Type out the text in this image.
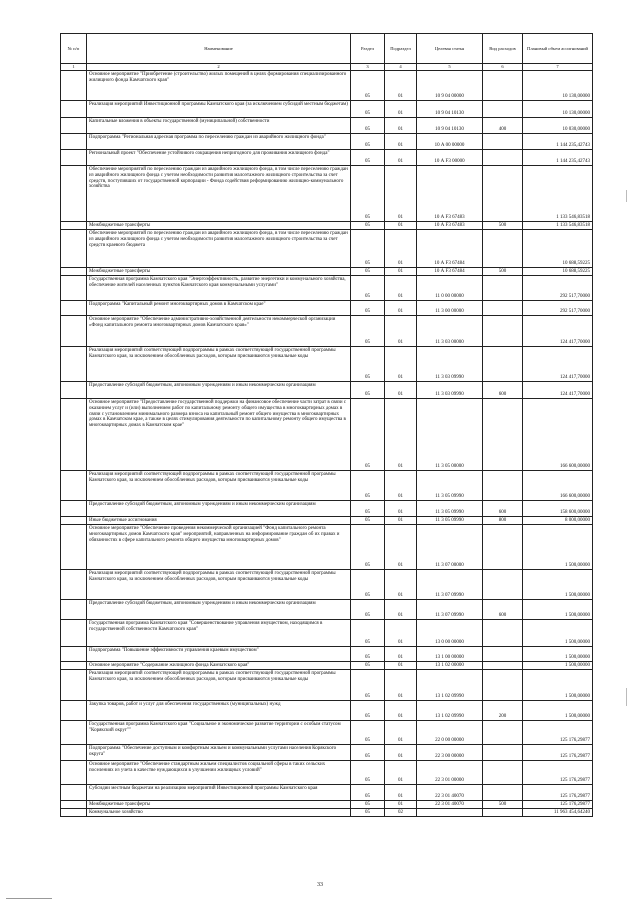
№ п/п	Наименование	Раздел	Подраздел	Целевая статья	Вид расходов	Плановый объем ассигнований
1	2	3	4	5	6	7
	Основное мероприятие "Приобретение (строительство) жилых помещений в целях формирования специализированного жилищного фонда Камчатского края"	05	01	10 9 04 00000		10 130,00000
	Реализация мероприятий Инвестиционной программы Камчатского края (за исключением субсидий местным бюджетам)	05	01	10 9 04 10130		10 130,00000
	Капитальные вложения в объекты государственной (муниципальной) собственности	05	01	10 9 04 10130	400	10 030,00000
	Подпрограмма "Региональная адресная программа по переселению граждан из аварийного жилищного фонда"	05	01	10 А 00 00000		1 144 235,42743
	Региональный проект "Обеспечение устойчивого сокращения непригодного для проживания жилищного фонда"	05	01	10 А F3 00000		1 144 235,42743
	Обеспечение мероприятий по переселению граждан из аварийного жилищного фонда, в том числе переселению граждан из аварийного жилищного фонда с учетом необходимости развития малоэтажного жилищного строительства за счет средств, поступивших от государственной корпорации - Фонда содействия реформированию жилищно-коммунального хозяйства	05	01	10 А F3 67483		1 133 546,83518
	Межбюджетные трансферты	05	01	10 А F3 67483	500	1 133 546,83518
	Обеспечение мероприятий по переселению граждан из аварийного жилищного фонда, в том числе переселению граждан из аварийного жилищного фонда с учетом необходимости развития малоэтажного жилищного строительства за счет средств краевого бюджета	05	01	10 А F3 67484		10 688,59225
	Межбюджетные трансферты	05	01	10 А F3 67484	500	10 688,59225
	Государственная программа Камчатского края "Энергоэффективность, развитие энергетики и коммунального хозяйства, обеспечение жителей населенных пунктов Камчатского края коммунальными услугами"	05	01	11 0 00 00000		292 517,70000
	Подпрограмма "Капитальный ремонт многоквартирных домов в Камчатском крае"	05	01	11 3 00 00000		292 517,70000
	Основное мероприятие "Обеспечение административно-хозяйственной деятельности некоммерческой организации «Фонд капитального ремонта многоквартирных домов Камчатского края»"	05	01	11 3 03 00000		124 417,70000
	Реализация мероприятий соответствующей подпрограммы в рамках соответствующей государственной программы Камчатского края, за исключением обособленных расходов, которым присваиваются уникальные коды	05	01	11 3 03 09990		124 417,70000
	Предоставление субсидий бюджетным, автономным учреждениям и иным некоммерческим организациям	05	01	11 3 03 09990	600	124 417,70000
	Основное мероприятие "Предоставление государственной поддержки на финансовое обеспечение части затрат в связи с оказанием услуг и (или) выполнением работ по капитальному ремонту общего имущества в многоквартирных домах в связи с установлением минимального размера взноса на капитальный ремонт общего имущества в многоквартирных домах в Камчатском крае, а также в целях стимулирования деятельности по капитальному ремонту общего имущества в многоквартирных домах в Камчатском крае"	05	01	11 3 05 00000		166 600,00000
	Реализация мероприятий соответствующей подпрограммы в рамках соответствующей государственной программы Камчатского края, за исключением обособленных расходов, которым присваиваются уникальные коды	05	01	11 3 05 09990		166 600,00000
	Предоставление субсидий бюджетным, автономным учреждениям и иным некоммерческим организациям	05	01	11 3 05 09990	600	158 600,00000
	Иные бюджетные ассигнования	05	01	11 3 05 09990	800	8 000,00000
	Основное мероприятие "Обеспечение проведения некоммерческой организацией "Фонд капитального ремонта многоквартирных домов Камчатского края" мероприятий, направленных на информирование граждан об их правах и обязанностях в сфере капитального ремонта общего имущества многоквартирных домов"	05	01	11 3 07 00000		1 500,00000
	Реализация мероприятий соответствующей подпрограммы в рамках соответствующей государственной программы Камчатского края, за исключением обособленных расходов, которым присваиваются уникальные коды	05	01	11 3 07 09990		1 500,00000
	Предоставление субсидий бюджетным, автономным учреждениям и иным некоммерческим организациям	05	01	11 3 07 09990	600	1 500,00000
	Государственная программа Камчатского края "Совершенствование управления имуществом, находящимся в государственной собственности Камчатского края"	05	01	13 0 00 00000		1 500,00000
	Подпрограмма "Повышение эффективности управления краевым имуществом"	05	01	13 1 00 00000		1 500,00000
	Основное мероприятие "Содержание жилищного фонда Камчатского края"	05	01	13 1 02 00000		1 500,00000
	Реализация мероприятий соответствующей подпрограммы в рамках соответствующей государственной программы Камчатского края, за исключением обособленных расходов, которым присваиваются уникальные коды	05	01	13 1 02 09990		1 500,00000
	Закупка товаров, работ и услуг для обеспечения государственных (муниципальных) нужд	05	01	13 1 02 09990	200	1 500,00000
	Государственная программа Камчатского края "Социальное и экономическое развитие территории с особым статусом "Корякский округ""	05	01	22 0 00 00000		125 176,29877
	Подпрограмма "Обеспечение доступным и комфортным жильем и коммунальными услугами населения Корякского округа"	05	01	22 3 00 00000		125 176,29877
	Основное мероприятие "Обеспечение стандартным жильем специалистов социальной сферы в таких сельских поселениях из учета в качестве нуждающихся в улучшении жилищных условий"	05	01	22 3 01 00000		125 176,29877
	Субсидии местным бюджетам на реализацию мероприятий Инвестиционной программы Камчатского края	05	01	22 3 01 40070		125 176,29877
	Межбюджетные трансферты	05	01	22 3 01 40070	500	125 176,29877
	Коммунальное хозяйство	05	02			11 963 454,64240
33
